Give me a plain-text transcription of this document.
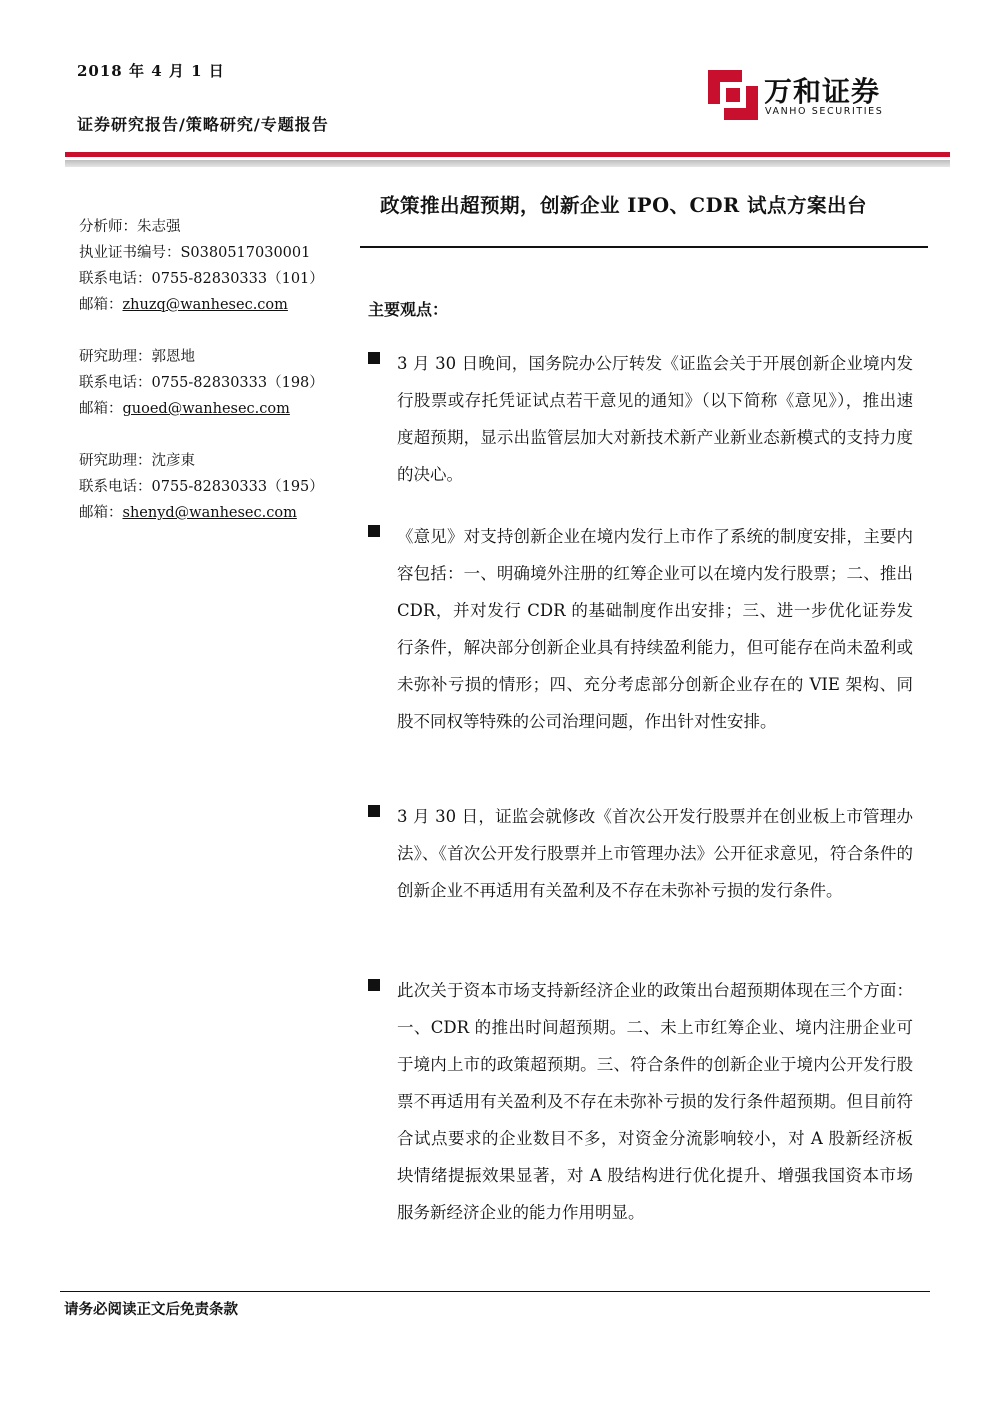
2018 年 4 月 1 日
证券研究报告/策略研究/专题报告
万和证券
VANHO SECURITIES
分析师：朱志强
执业证书编号：S0380517030001
联系电话：0755-82830333（101）
邮箱：zhuzq@wanhesec.com
研究助理：郭恩地
联系电话：0755-82830333（198）
邮箱：guoed@wanhesec.com
研究助理：沈彦東
联系电话：0755-82830333（195）
邮箱：shenyd@wanhesec.com
政策推出超预期，创新企业 IPO、CDR 试点方案出台
主要观点：
3 月 30 日晚间，国务院办公厅转发《证监会关于开展创新企业境内发行股票或存托凭证试点若干意见的通知》（以下简称《意见》），推出速度超预期，显示出监管层加大对新技术新产业新业态新模式的支持力度的决心。
《意见》对支持创新企业在境内发行上市作了系统的制度安排，主要内容包括：一、明确境外注册的红筹企业可以在境内发行股票；二、推出 CDR，并对发行 CDR 的基础制度作出安排；三、进一步优化证券发行条件，解决部分创新企业具有持续盈利能力，但可能存在尚未盈利或未弥补亏损的情形；四、充分考虑部分创新企业存在的 VIE 架构、同股不同权等特殊的公司治理问题，作出针对性安排。
3 月 30 日，证监会就修改《首次公开发行股票并在创业板上市管理办法》、《首次公开发行股票并上市管理办法》公开征求意见，符合条件的创新企业不再适用有关盈利及不存在未弥补亏损的发行条件。
此次关于资本市场支持新经济企业的政策出台超预期体现在三个方面：一、CDR 的推出时间超预期。二、未上市红筹企业、境内注册企业可于境内上市的政策超预期。三、符合条件的创新企业于境内公开发行股票不再适用有关盈利及不存在未弥补亏损的发行条件超预期。但目前符合试点要求的企业数目不多，对资金分流影响较小，对 A 股新经济板块情绪提振效果显著，对 A 股结构进行优化提升、增强我国资本市场服务新经济企业的能力作用明显。
请务必阅读正文后免责条款
